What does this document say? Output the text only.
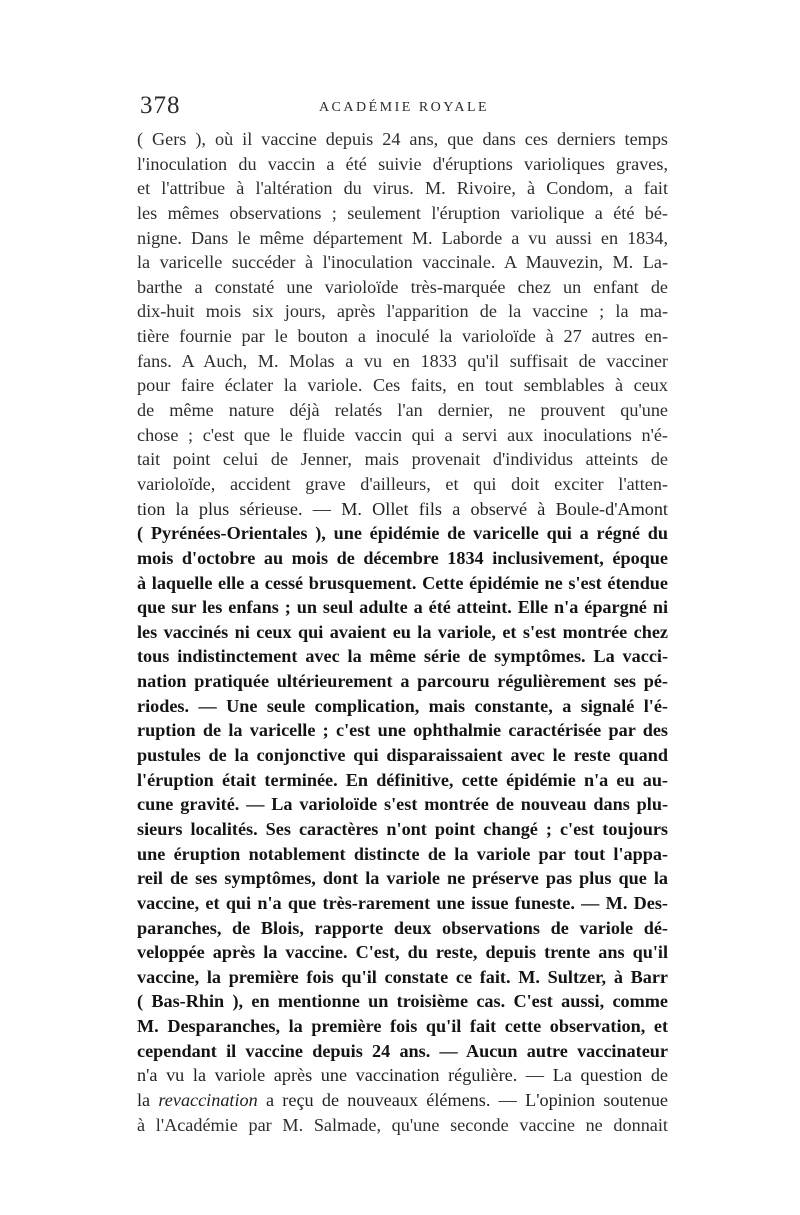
378	ACADÉMIE ROYALE
( Gers ), où il vaccine depuis 24 ans, que dans ces derniers temps
l'inoculation du vaccin a été suivie d'éruptions varioliques graves,
et l'attribue à l'altération du virus. M. Rivoire, à Condom, a fait
les mêmes observations ; seulement l'éruption variolique a été bé-
nigne. Dans le même département M. Laborde a vu aussi en 1834,
la varicelle succéder à l'inoculation vaccinale. A Mauvezin, M. La-
barthe a constaté une varioloïde très-marquée chez un enfant de
dix-huit mois six jours, après l'apparition de la vaccine ; la ma-
tière fournie par le bouton a inoculé la varioloïde à 27 autres en-
fans. A Auch, M. Molas a vu en 1833 qu'il suffisait de vacciner
pour faire éclater la variole. Ces faits, en tout semblables à ceux
de même nature déjà relatés l'an dernier, ne prouvent qu'une
chose ; c'est que le fluide vaccin qui a servi aux inoculations n'é-
tait point celui de Jenner, mais provenait d'individus atteints de
varioloïde, accident grave d'ailleurs, et qui doit exciter l'atten-
tion la plus sérieuse. — M. Ollet fils a observé à Boule-d'Amont
( Pyrénées-Orientales ), une épidémie de varicelle qui a régné du
mois d'octobre au mois de décembre 1834 inclusivement, époque
à laquelle elle a cessé brusquement. Cette épidémie ne s'est étendue
que sur les enfans ; un seul adulte a été atteint. Elle n'a épargné ni
les vaccinés ni ceux qui avaient eu la variole, et s'est montrée chez
tous indistinctement avec la même série de symptômes. La vacci-
nation pratiquée ultérieurement a parcouru régulièrement ses pé-
riodes. — Une seule complication, mais constante, a signalé l'é-
ruption de la varicelle ; c'est une ophthalmie caractérisée par des
pustules de la conjonctive qui disparaissaient avec le reste quand
l'éruption était terminée. En définitive, cette épidémie n'a eu au-
cune gravité. — La varioloïde s'est montrée de nouveau dans plu-
sieurs localités. Ses caractères n'ont point changé ; c'est toujours
une éruption notablement distincte de la variole par tout l'appa-
reil de ses symptômes, dont la variole ne préserve pas plus que la
vaccine, et qui n'a que très-rarement une issue funeste. — M. Des-
paranches, de Blois, rapporte deux observations de variole dé-
veloppée après la vaccine. C'est, du reste, depuis trente ans qu'il
vaccine, la première fois qu'il constate ce fait. M. Sultzer, à Barr
( Bas-Rhin ), en mentionne un troisième cas. C'est aussi, comme
M. Desparanches, la première fois qu'il fait cette observation, et
cependant il vaccine depuis 24 ans. — Aucun autre vaccinateur
n'a vu la variole après une vaccination régulière. — La question de
la revaccination a reçu de nouveaux élémens. — L'opinion soutenue
à l'Académie par M. Salmade, qu'une seconde vaccine ne donnait
